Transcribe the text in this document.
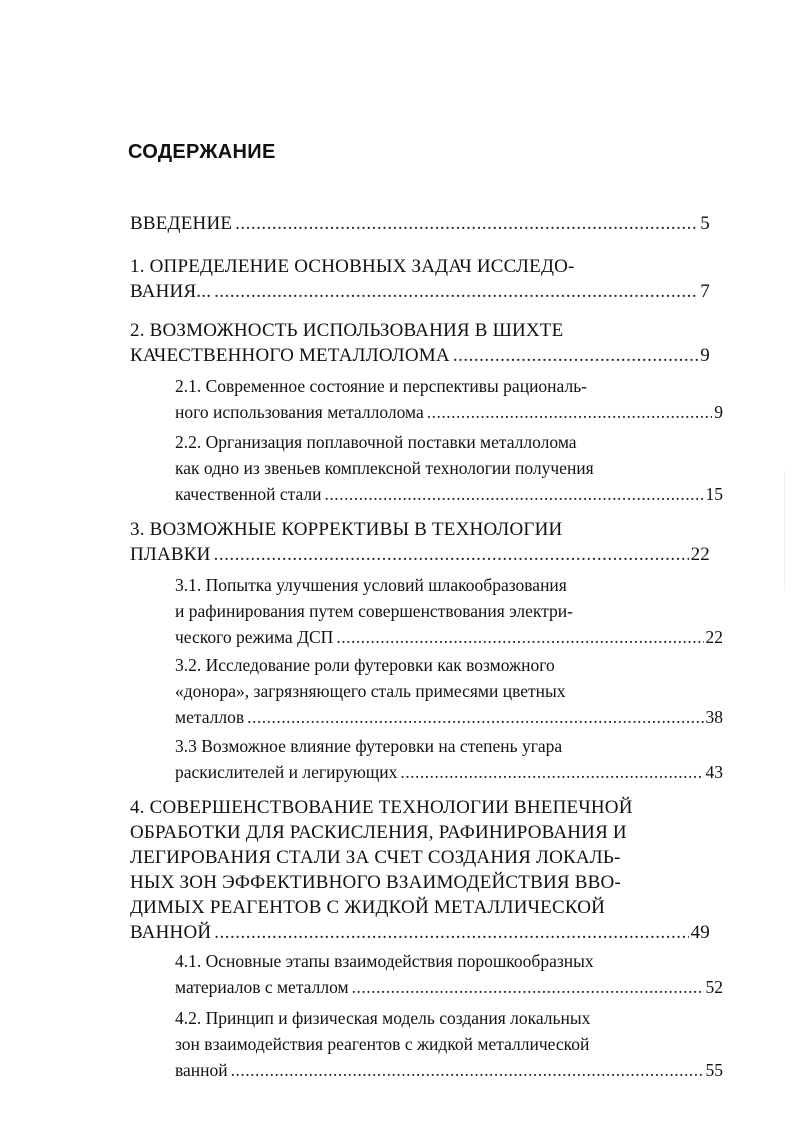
СОДЕРЖАНИЕ
ВВЕДЕНИЕ .....	5
1. ОПРЕДЕЛЕНИЕ ОСНОВНЫХ ЗАДАЧ ИССЛЕДО-
ВАНИЯ... .....	7
2. ВОЗМОЖНОСТЬ ИСПОЛЬЗОВАНИЯ В ШИХТЕ
КАЧЕСТВЕННОГО МЕТАЛЛОЛОМА .....	9
2.1. Современное состояние и перспективы рациональ-
ного использования металлолома .....	9
2.2. Организация поплавочной поставки металлолома
как одно из звеньев комплексной технологии получения
качественной стали .....	15
3. ВОЗМОЖНЫЕ КОРРЕКТИВЫ В ТЕХНОЛОГИИ
ПЛАВКИ .....	22
3.1. Попытка улучшения условий шлакообразования
и рафинирования путем совершенствования электри-
ческого режима ДСП .....	22
3.2. Исследование роли футеровки как возможного
«донора», загрязняющего сталь примесями цветных
металлов .....	38
3.3 Возможное влияние футеровки на степень угара
раскислителей и легирующих .....	43
4. СОВЕРШЕНСТВОВАНИЕ ТЕХНОЛОГИИ ВНЕПЕЧНОЙ
ОБРАБОТКИ ДЛЯ РАСКИСЛЕНИЯ, РАФИНИРОВАНИЯ И
ЛЕГИРОВАНИЯ СТАЛИ ЗА СЧЕТ СОЗДАНИЯ ЛОКАЛЬ-
НЫХ ЗОН ЭФФЕКТИВНОГО ВЗАИМОДЕЙСТВИЯ ВВО-
ДИМЫХ РЕАГЕНТОВ С ЖИДКОЙ МЕТАЛЛИЧЕСКОЙ
ВАННОЙ .....	49
4.1. Основные этапы взаимодействия порошкообразных
материалов с металлом .....	52
4.2. Принцип и физическая модель создания локальных
зон взаимодействия реагентов с жидкой металлической
ванной .....	55
